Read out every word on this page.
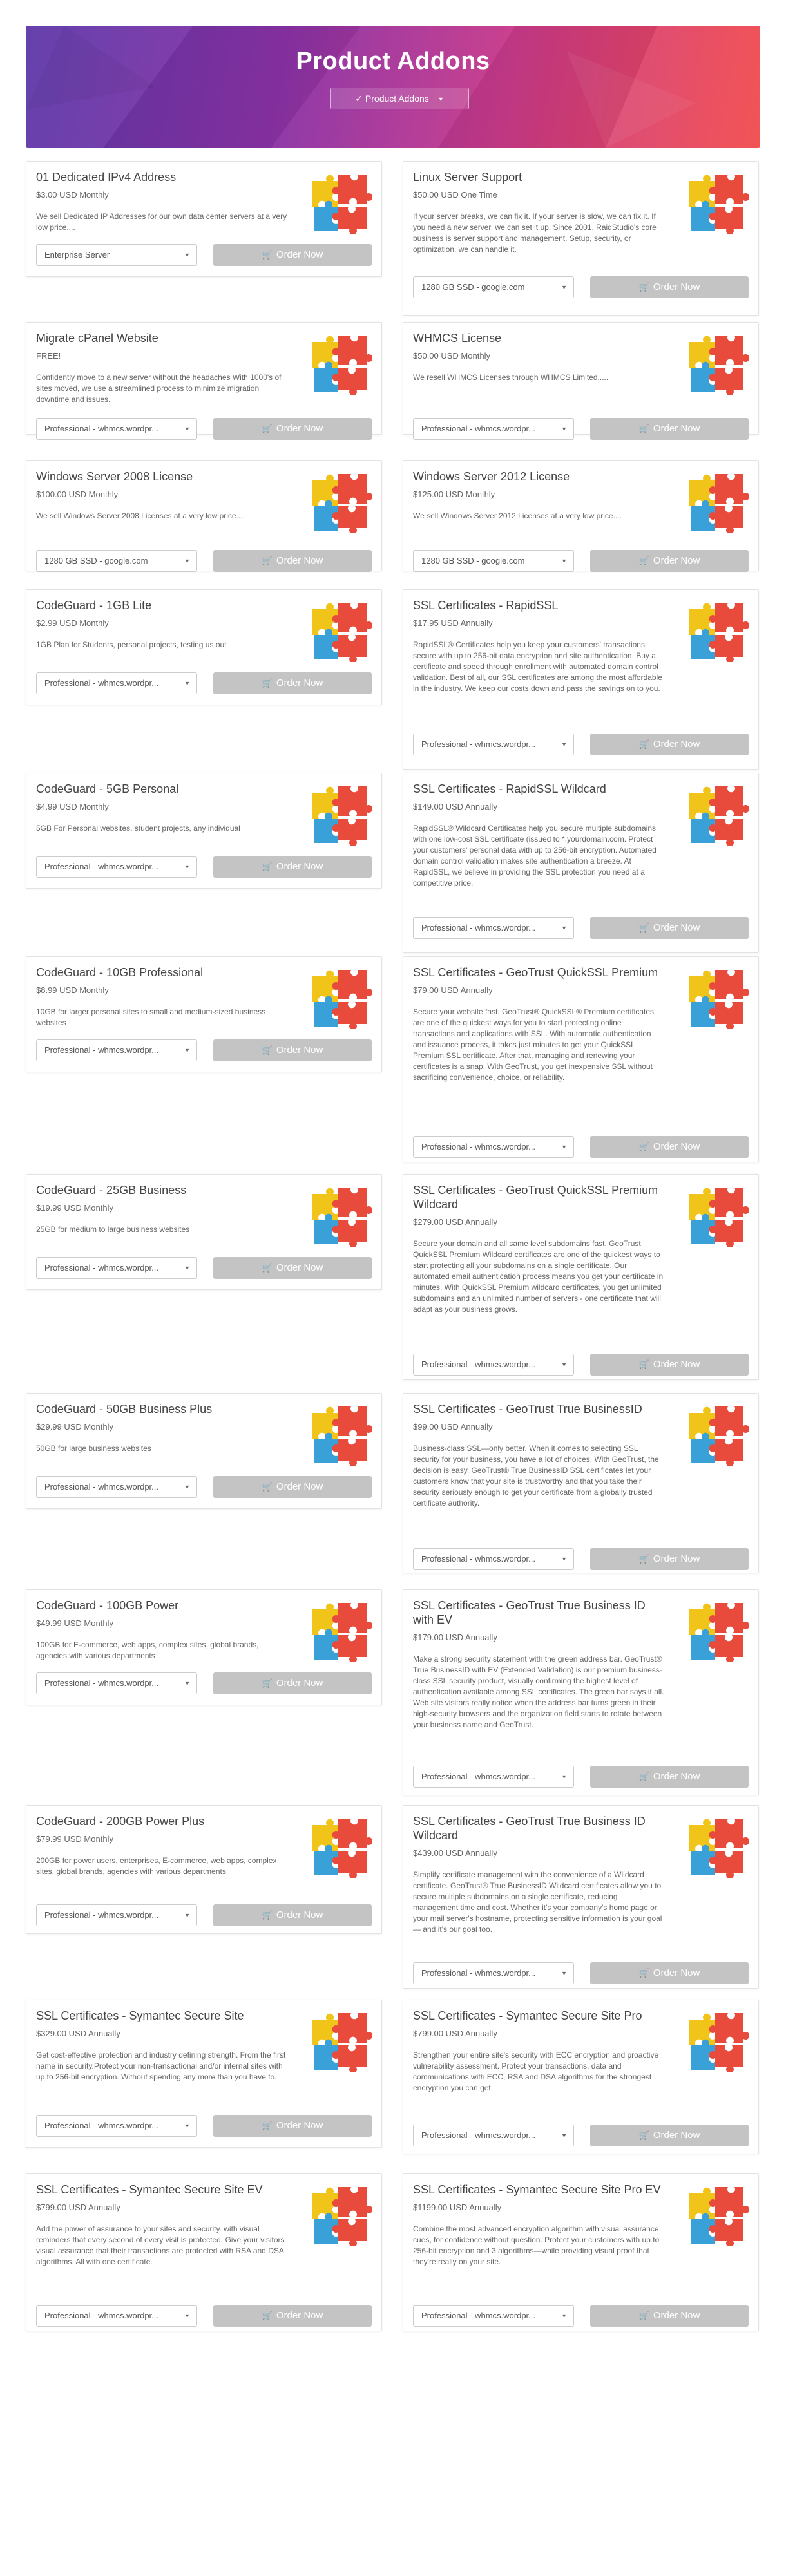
Product Addons
✓ Product Addons ▼
01 Dedicated IPv4 Address
$3.00 USD Monthly
We sell Dedicated IP Addresses for our own data center servers at a very low price....
Enterprise Server	▼	🛒 Order Now
Linux Server Support
$50.00 USD One Time
If your server breaks, we can fix it. If your server is slow, we can fix it. If you need a new server, we can set it up. Since 2001, RaidStudio's core business is server support and management. Setup, security, or optimization, we can handle it.
1280 GB SSD - google.com	▼	🛒 Order Now
Migrate cPanel Website
FREE!
Confidently move to a new server without the headaches With 1000's of sites moved, we use a streamlined process to minimize migration downtime and issues.
Professional - whmcs.wordpr...	▼	🛒 Order Now
WHMCS License
$50.00 USD Monthly
We resell WHMCS Licenses through WHMCS Limited.....
Professional - whmcs.wordpr...	▼	🛒 Order Now
Windows Server 2008 License
$100.00 USD Monthly
We sell Windows Server 2008 Licenses at a very low price....
1280 GB SSD - google.com	▼	🛒 Order Now
Windows Server 2012 License
$125.00 USD Monthly
We sell Windows Server 2012 Licenses at a very low price....
1280 GB SSD - google.com	▼	🛒 Order Now
CodeGuard - 1GB Lite
$2.99 USD Monthly
1GB Plan for Students, personal projects, testing us out
Professional - whmcs.wordpr...	▼	🛒 Order Now
SSL Certificates - RapidSSL
$17.95 USD Annually
RapidSSL® Certificates help you keep your customers' transactions secure with up to 256-bit data encryption and site authentication. Buy a certificate and speed through enrollment with automated domain control validation. Best of all, our SSL certificates are among the most affordable in the industry. We keep our costs down and pass the savings on to you.
Professional - whmcs.wordpr...	▼	🛒 Order Now
CodeGuard - 5GB Personal
$4.99 USD Monthly
5GB For Personal websites, student projects, any individual
Professional - whmcs.wordpr...	▼	🛒 Order Now
SSL Certificates - RapidSSL Wildcard
$149.00 USD Annually
RapidSSL® Wildcard Certificates help you secure multiple subdomains with one low-cost SSL certificate (issued to *.yourdomain.com. Protect your customers' personal data with up to 256-bit encryption. Automated domain control validation makes site authentication a breeze. At RapidSSL, we believe in providing the SSL protection you need at a competitive price.
Professional - whmcs.wordpr...	▼	🛒 Order Now
CodeGuard - 10GB Professional
$8.99 USD Monthly
10GB for larger personal sites to small and medium-sized business websites
Professional - whmcs.wordpr...	▼	🛒 Order Now
SSL Certificates - GeoTrust QuickSSL Premium
$79.00 USD Annually
Secure your website fast. GeoTrust® QuickSSL® Premium certificates are one of the quickest ways for you to start protecting online transactions and applications with SSL. With automatic authentication and issuance process, it takes just minutes to get your QuickSSL Premium SSL certificate. After that, managing and renewing your certificates is a snap. With GeoTrust, you get inexpensive SSL without sacrificing convenience, choice, or reliability.
Professional - whmcs.wordpr...	▼	🛒 Order Now
CodeGuard - 25GB Business
$19.99 USD Monthly
25GB for medium to large business websites
Professional - whmcs.wordpr...	▼	🛒 Order Now
SSL Certificates - GeoTrust QuickSSL Premium Wildcard
$279.00 USD Annually
Secure your domain and all same level subdomains fast. GeoTrust QuickSSL Premium Wildcard certificates are one of the quickest ways to start protecting all your subdomains on a single certificate. Our automated email authentication process means you get your certificate in minutes. With QuickSSL Premium wildcard certificates, you get unlimited subdomains and an unlimited number of servers - one certificate that will adapt as your business grows.
Professional - whmcs.wordpr...	▼	🛒 Order Now
CodeGuard - 50GB Business Plus
$29.99 USD Monthly
50GB for large business websites
Professional - whmcs.wordpr...	▼	🛒 Order Now
SSL Certificates - GeoTrust True BusinessID
$99.00 USD Annually
Business-class SSL—only better. When it comes to selecting SSL security for your business, you have a lot of choices. With GeoTrust, the decision is easy. GeoTrust® True BusinessID SSL certificates let your customers know that your site is trustworthy and that you take their security seriously enough to get your certificate from a globally trusted certificate authority.
Professional - whmcs.wordpr...	▼	🛒 Order Now
CodeGuard - 100GB Power
$49.99 USD Monthly
100GB for E-commerce, web apps, complex sites, global brands, agencies with various departments
Professional - whmcs.wordpr...	▼	🛒 Order Now
SSL Certificates - GeoTrust True Business ID with EV
$179.00 USD Annually
Make a strong security statement with the green address bar. GeoTrust® True BusinessID with EV (Extended Validation) is our premium business-class SSL security product, visually confirming the highest level of authentication available among SSL certificates. The green bar says it all. Web site visitors really notice when the address bar turns green in their high-security browsers and the organization field starts to rotate between your business name and GeoTrust.
Professional - whmcs.wordpr...	▼	🛒 Order Now
CodeGuard - 200GB Power Plus
$79.99 USD Monthly
200GB for power users, enterprises, E-commerce, web apps, complex sites, global brands, agencies with various departments
Professional - whmcs.wordpr...	▼	🛒 Order Now
SSL Certificates - GeoTrust True Business ID Wildcard
$439.00 USD Annually
Simplify certificate management with the convenience of a Wildcard certificate. GeoTrust® True BusinessID Wildcard certificates allow you to secure multiple subdomains on a single certificate, reducing management time and cost. Whether it's your company's home page or your mail server's hostname, protecting sensitive information is your goal — and it's our goal too.
Professional - whmcs.wordpr...	▼	🛒 Order Now
SSL Certificates - Symantec Secure Site
$329.00 USD Annually
Get cost-effective protection and industry defining strength. From the first name in security.Protect your non-transactional and/or internal sites with up to 256-bit encryption. Without spending any more than you have to.
Professional - whmcs.wordpr...	▼	🛒 Order Now
SSL Certificates - Symantec Secure Site Pro
$799.00 USD Annually
Strengthen your entire site's security with ECC encryption and proactive vulnerability assessment. Protect your transactions, data and communications with ECC, RSA and DSA algorithms for the strongest encryption you can get.
Professional - whmcs.wordpr...	▼	🛒 Order Now
SSL Certificates - Symantec Secure Site EV
$799.00 USD Annually
Add the power of assurance to your sites and security. with visual reminders that every second of every visit is protected. Give your visitors visual assurance that their transactions are protected with RSA and DSA algorithms. All with one certificate.
Professional - whmcs.wordpr...	▼	🛒 Order Now
SSL Certificates - Symantec Secure Site Pro EV
$1199.00 USD Annually
Combine the most advanced encryption algorithm with visual assurance cues, for confidence without question. Protect your customers with up to 256-bit encryption and 3 algorithms—while providing visual proof that they're really on your site.
Professional - whmcs.wordpr...	▼	🛒 Order Now
